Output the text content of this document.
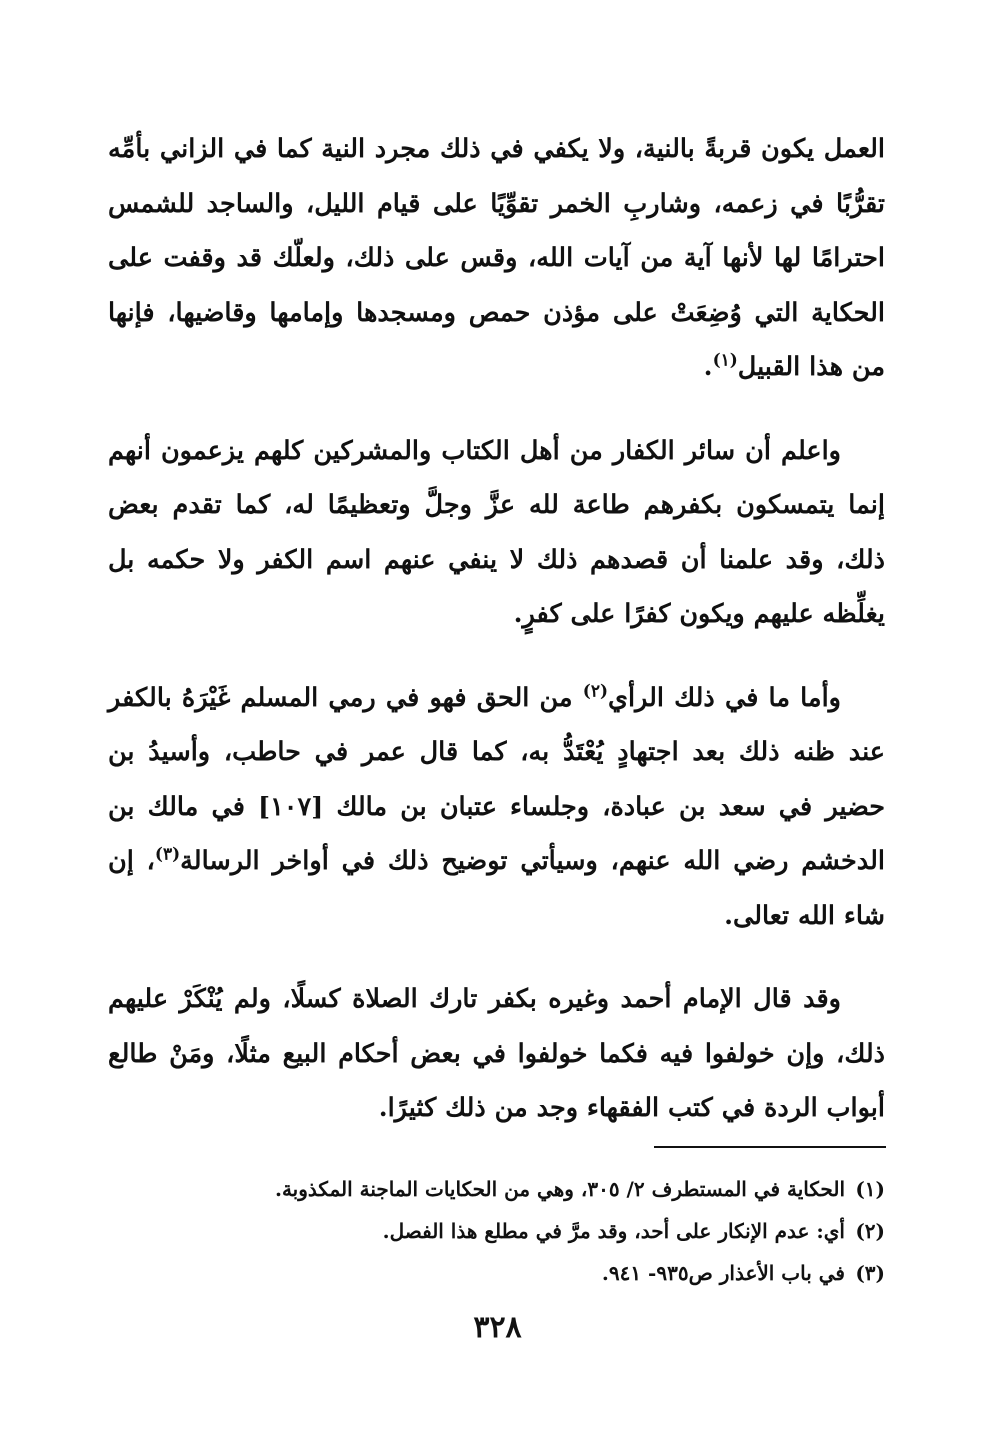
العمل يكون قربةً بالنية، ولا يكفي في ذلك مجرد النية كما في الزاني بأمِّه تقرُّبًا في زعمه، وشاربِ الخمر تقوِّيًا على قيام الليل، والساجد للشمس احترامًا لها لأنها آية من آيات الله، وقس على ذلك، ولعلّك قد وقفت على الحكاية التي وُضِعَتْ على مؤذن حمص ومسجدها وإمامها وقاضيها، فإنها من هذا القبيل$^{(١)}$.

واعلم أن سائر الكفار من أهل الكتاب والمشركين كلهم يزعمون أنهم إنما يتمسكون بكفرهم طاعة لله عزَّ وجلَّ وتعظيمًا له، كما تقدم بعض ذلك، وقد علمنا أن قصدهم ذلك لا ينفي عنهم اسم الكفر ولا حكمه بل يغلِّظه عليهم ويكون كفرًا على كفرٍ.

وأما ما في ذلك الرأي$^{(٢)}$ من الحق فهو في رمي المسلم غَيْرَهُ بالكفر عند ظنه ذلك بعد اجتهادٍ يُعْتَدُّ به، كما قال عمر في حاطب، وأسيدُ بن حضير في سعد بن عبادة، وجلساء عتبان بن مالك [١٠٧] في مالك بن الدخشم رضي الله عنهم، وسيأتي توضيح ذلك في أواخر الرسالة$^{(٣)}$، إن شاء الله تعالى.

وقد قال الإمام أحمد وغيره بكفر تارك الصلاة كسلًا، ولم يُنْكَرْ عليهم ذلك، وإن خولفوا فيه فكما خولفوا في بعض أحكام البيع مثلًا، ومَنْ طالع أبواب الردة في كتب الفقهاء وجد من ذلك كثيرًا.

(١)الحكاية في المستطرف ٢/ ٣٠٥، وهي من الحكايات الماجنة المكذوبة.

(٢)أي: عدم الإنكار على أحد، وقد مرَّ في مطلع هذا الفصل.

(٣)في باب الأعذار ص٩٣٥- ٩٤١.

٣٢٨
